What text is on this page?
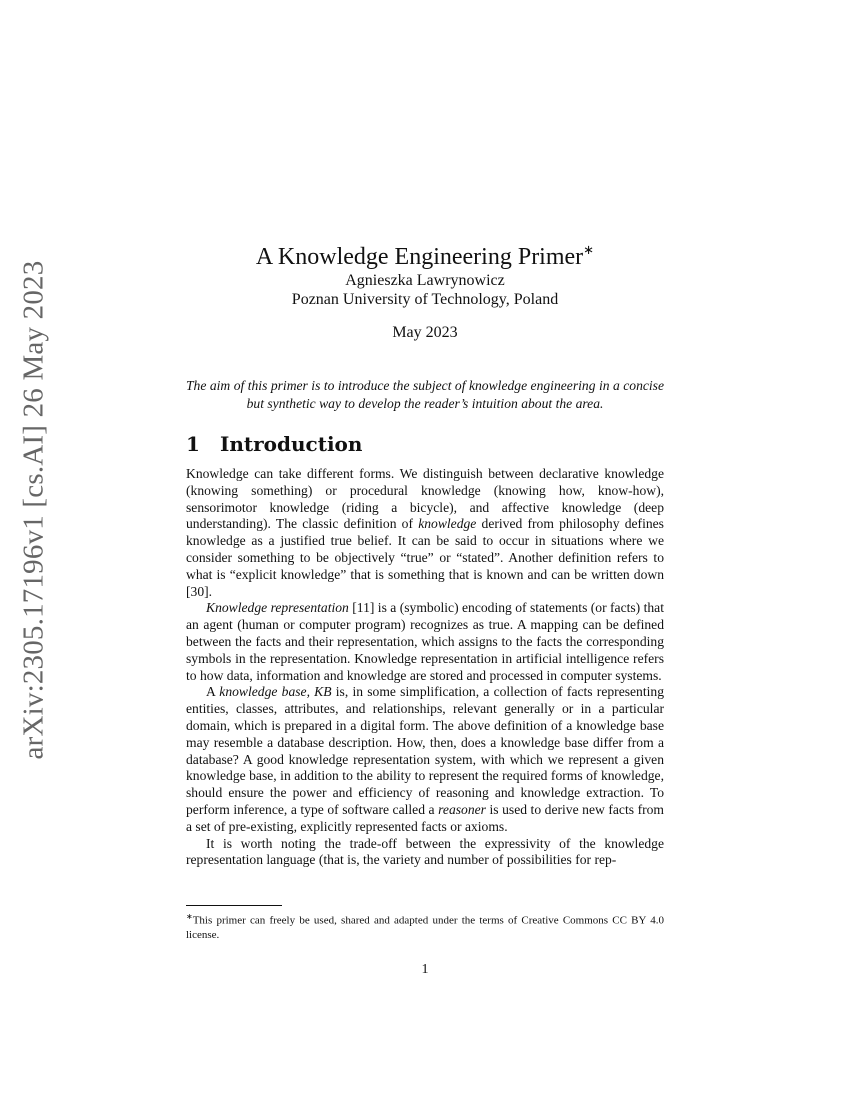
arXiv:2305.17196v1 [cs.AI] 26 May 2023
A Knowledge Engineering Primer∗
Agnieszka Lawrynowicz
Poznan University of Technology, Poland
May 2023
The aim of this primer is to introduce the subject of knowledge engineering in a concise but synthetic way to develop the reader’s intuition about the area.
1 Introduction

Knowledge can take different forms. We distinguish between declarative knowledge (knowing something) or procedural knowledge (knowing how, know-how), sensorimotor knowledge (riding a bicycle), and affective knowledge (deep understanding). The classic definition of knowledge derived from philosophy defines knowledge as a justified true belief. It can be said to occur in situations where we consider something to be objectively “true” or “stated”. Another definition refers to what is “explicit knowledge” that is something that is known and can be written down [30].

Knowledge representation [11] is a (symbolic) encoding of statements (or facts) that an agent (human or computer program) recognizes as true. A mapping can be defined between the facts and their representation, which assigns to the facts the corresponding symbols in the representation. Knowledge representation in artificial intelligence refers to how data, information and knowledge are stored and processed in computer systems.

A knowledge base, KB is, in some simplification, a collection of facts representing entities, classes, attributes, and relationships, relevant generally or in a particular domain, which is prepared in a digital form. The above definition of a knowledge base may resemble a database description. How, then, does a knowledge base differ from a database? A good knowledge representation system, with which we represent a given knowledge base, in addition to the ability to represent the required forms of knowledge, should ensure the power and efficiency of reasoning and knowledge extraction. To perform inference, a type of software called a reasoner is used to derive new facts from a set of pre-existing, explicitly represented facts or axioms.

It is worth noting the trade-off between the expressivity of the knowledge representation language (that is, the variety and number of possibilities for rep-

∗This primer can freely be used, shared and adapted under the terms of Creative Commons CC BY 4.0 license.
1
